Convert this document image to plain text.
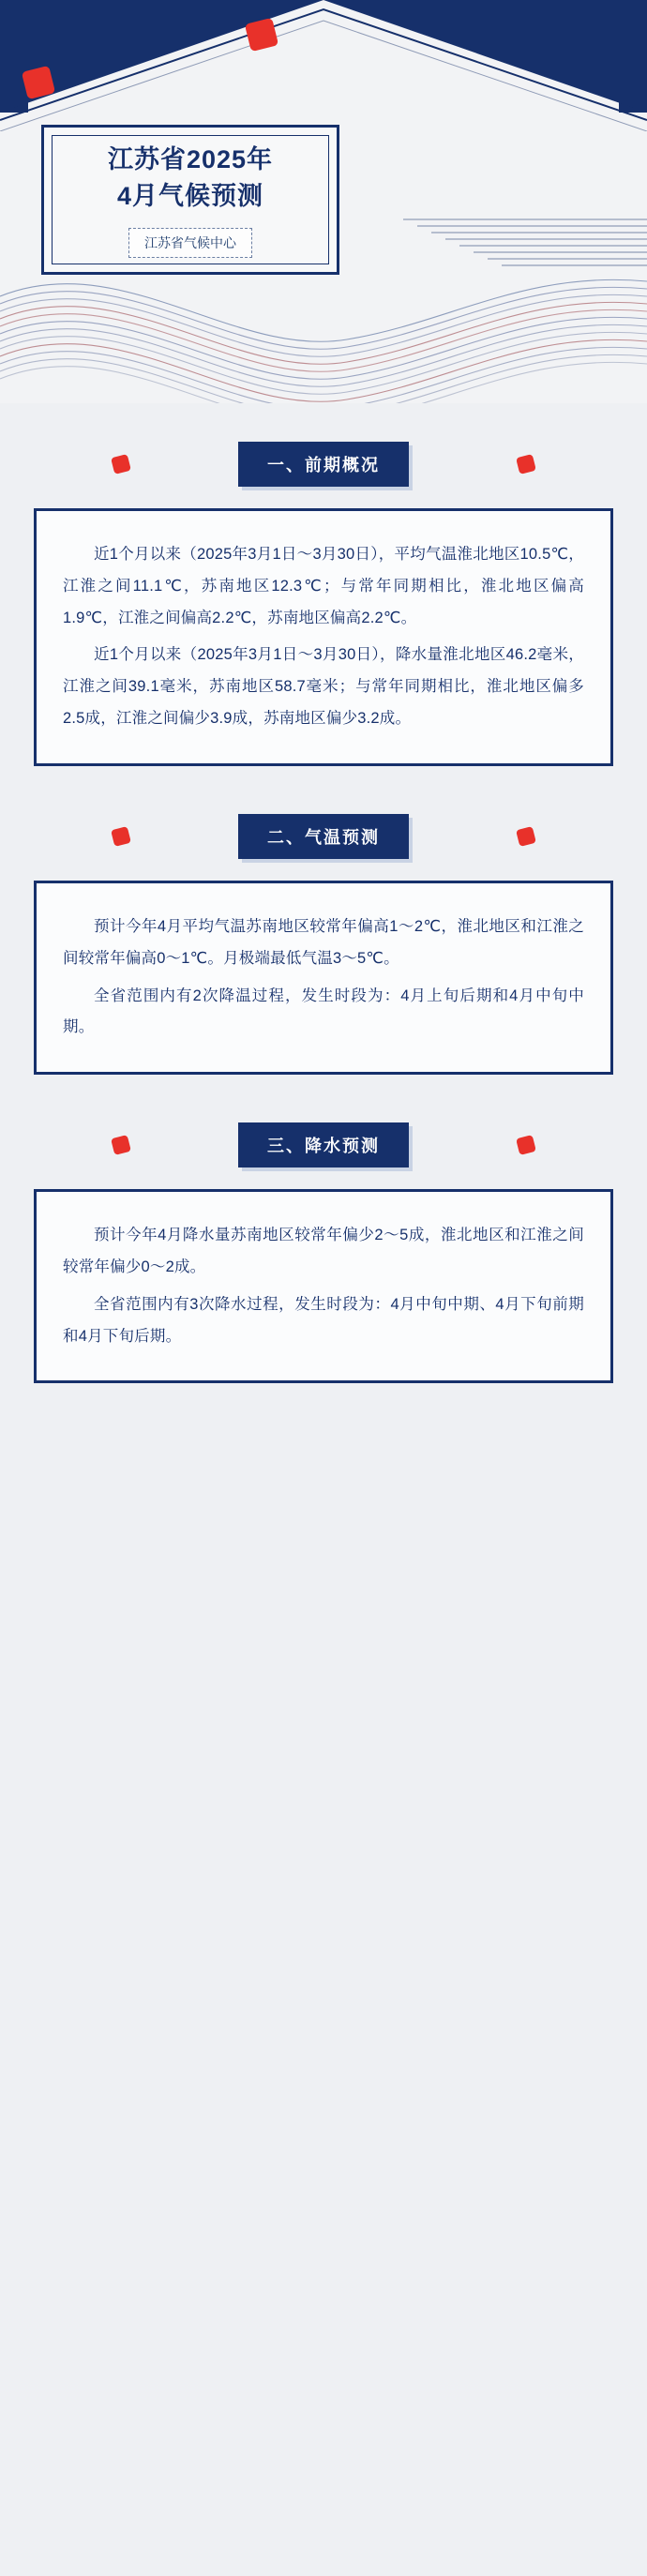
江苏省2025年
4月气候预测
江苏省气候中心
一、前期概况

近1个月以来（2025年3月1日～3月30日），平均气温淮北地区10.5℃，江淮之间11.1℃，苏南地区12.3℃；与常年同期相比，淮北地区偏高1.9℃，江淮之间偏高2.2℃，苏南地区偏高2.2℃。

近1个月以来（2025年3月1日～3月30日），降水量淮北地区46.2毫米，江淮之间39.1毫米，苏南地区58.7毫米；与常年同期相比，淮北地区偏多2.5成，江淮之间偏少3.9成，苏南地区偏少3.2成。

二、气温预测

预计今年4月平均气温苏南地区较常年偏高1～2℃，淮北地区和江淮之间较常年偏高0～1℃。月极端最低气温3～5℃。

全省范围内有2次降温过程，发生时段为：4月上旬后期和4月中旬中期。

三、降水预测

预计今年4月降水量苏南地区较常年偏少2～5成，淮北地区和江淮之间较常年偏少0～2成。

全省范围内有3次降水过程，发生时段为：4月中旬中期、4月下旬前期和4月下旬后期。
